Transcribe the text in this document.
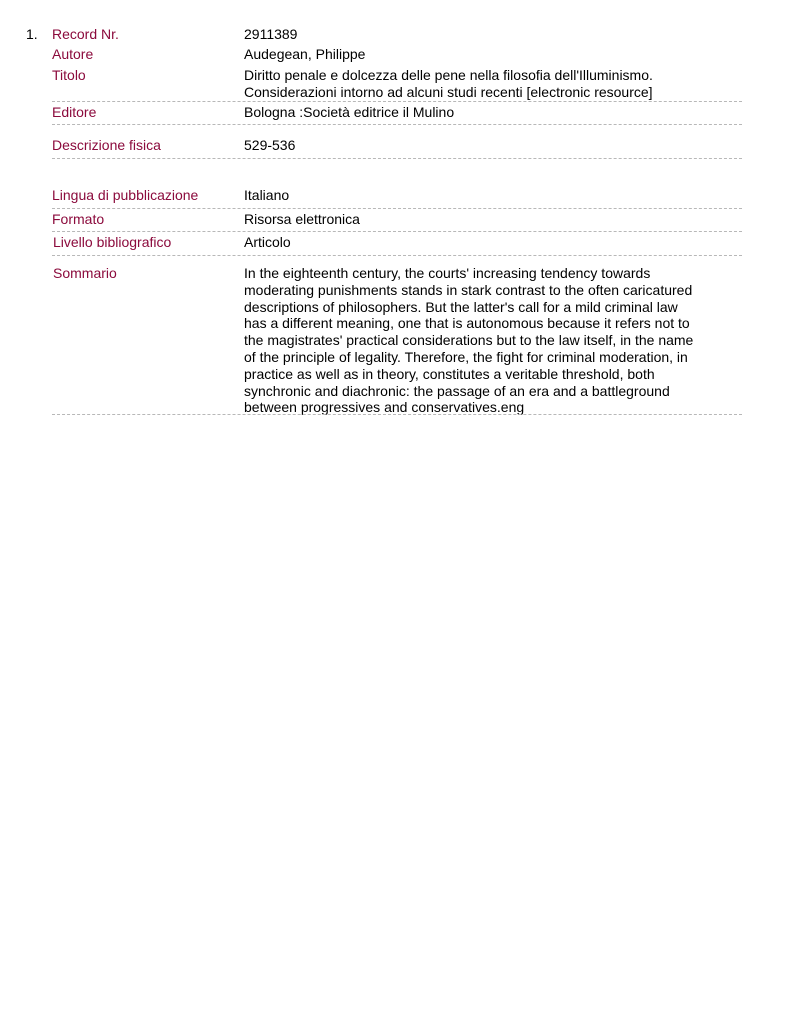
1. Record Nr.	2911389
Autore	Audegean, Philippe
Titolo	Diritto penale e dolcezza delle pene nella filosofia dell'Illuminismo.
Considerazioni intorno ad alcuni studi recenti [electronic resource]
Editore	Bologna :Società editrice il Mulino
Descrizione fisica	529-536
Lingua di pubblicazione	Italiano
Formato	Risorsa elettronica
Livello bibliografico	Articolo
Sommario	In the eighteenth century, the courts' increasing tendency towards moderating punishments stands in stark contrast to the often caricatured descriptions of philosophers. But the latter's call for a mild criminal law has a different meaning, one that is autonomous because it refers not to the magistrates' practical considerations but to the law itself, in the name of the principle of legality. Therefore, the fight for criminal moderation, in practice as well as in theory, constitutes a veritable threshold, both synchronic and diachronic: the passage of an era and a battleground between progressives and conservatives.eng
